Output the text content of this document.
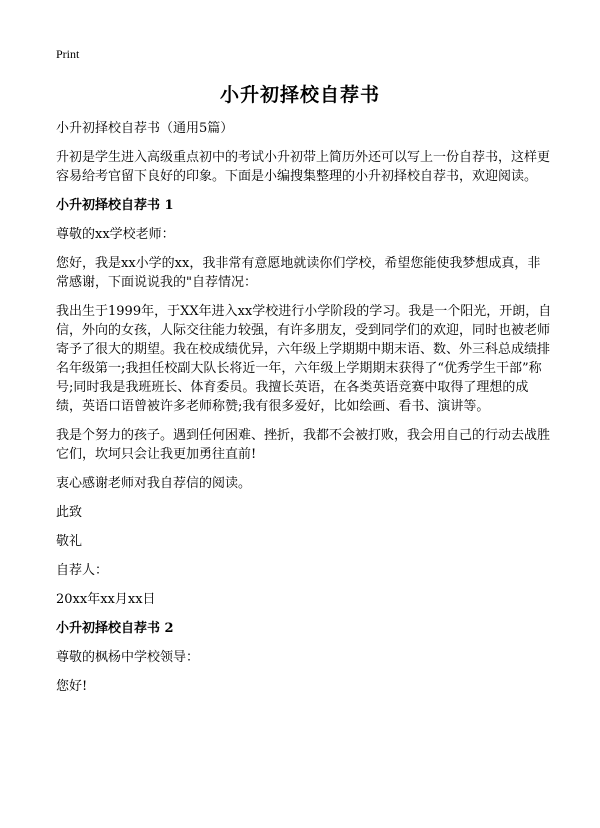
Print
小升初择校自荐书

小升初择校自荐书（通用5篇）

升初是学生进入高级重点初中的考试小升初带上简历外还可以写上一份自荐书，这样更容易给考官留下良好的印象。下面是小编搜集整理的小升初择校自荐书，欢迎阅读。

小升初择校自荐书 1

尊敬的xx学校老师：

您好，我是xx小学的xx，我非常有意愿地就读你们学校，希望您能使我梦想成真，非常感谢，下面说说我的"自荐情况：

我出生于1999年，于XX年进入xx学校进行小学阶段的学习。我是一个阳光，开朗，自信，外向的女孩，人际交往能力较强，有许多朋友，受到同学们的欢迎，同时也被老师寄予了很大的期望。我在校成绩优异，六年级上学期期中期末语、数、外三科总成绩排名年级第一;我担任校副大队长将近一年，六年级上学期期末获得了“优秀学生干部”称号;同时我是我班班长、体育委员。我擅长英语，在各类英语竞赛中取得了理想的成绩，英语口语曾被许多老师称赞;我有很多爱好，比如绘画、看书、演讲等。

我是个努力的孩子。遇到任何困难、挫折，我都不会被打败，我会用自己的行动去战胜它们，坎坷只会让我更加勇往直前!

衷心感谢老师对我自荐信的阅读。

此致

敬礼

自荐人：

20xx年xx月xx日

小升初择校自荐书 2

尊敬的枫杨中学校领导：

您好!
